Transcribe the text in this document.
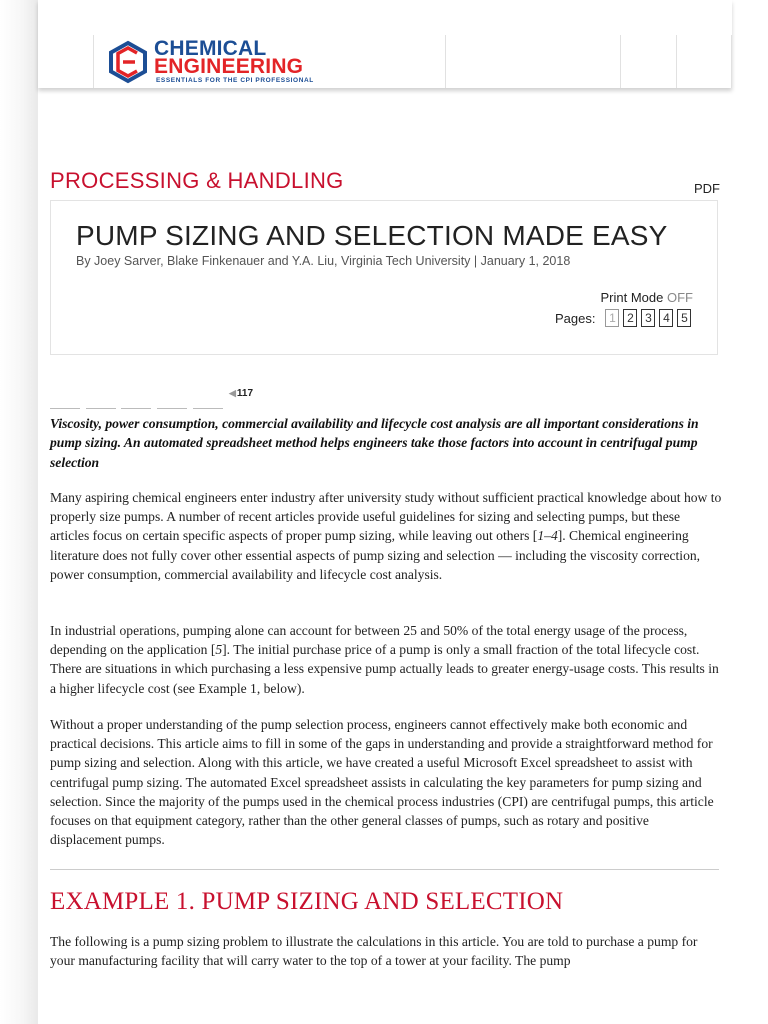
CHEMICAL
ENGINEERING
ESSENTIALS FOR THE CPI PROFESSIONAL
PROCESSING & HANDLING	PDF
PUMP SIZING AND SELECTION MADE EASY
By Joey Sarver, Blake Finkenauer and Y.A. Liu, Virginia Tech University | January 1, 2018
Print Mode OFF
Pages:	1 2 3 4 5
◀117

Viscosity, power consumption, commercial availability and lifecycle cost analysis are all important considerations in pump sizing. An automated spreadsheet method helps engineers take those factors into account in centrifugal pump selection

Many aspiring chemical engineers enter industry after university study without sufficient practical knowledge about how to properly size pumps. A number of recent articles provide useful guidelines for sizing and selecting pumps, but these articles focus on certain specific aspects of proper pump sizing, while leaving out others [1–4]. Chemical engineering literature does not fully cover other essential aspects of pump sizing and selection — including the viscosity correction, power consumption, commercial availability and lifecycle cost analysis.

In industrial operations, pumping alone can account for between 25 and 50% of the total energy usage of the process, depending on the application [5]. The initial purchase price of a pump is only a small fraction of the total lifecycle cost. There are situations in which purchasing a less expensive pump actually leads to greater energy-usage costs. This results in a higher lifecycle cost (see Example 1, below).

Without a proper understanding of the pump selection process, engineers cannot effectively make both economic and practical decisions. This article aims to fill in some of the gaps in understanding and provide a straightforward method for pump sizing and selection. Along with this article, we have created a useful Microsoft Excel spreadsheet to assist with centrifugal pump sizing. The automated Excel spreadsheet assists in calculating the key parameters for pump sizing and selection. Since the majority of the pumps used in the chemical process industries (CPI) are centrifugal pumps, this article focuses on that equipment category, rather than the other general classes of pumps, such as rotary and positive displacement pumps.

EXAMPLE 1. PUMP SIZING AND SELECTION

The following is a pump sizing problem to illustrate the calculations in this article. You are told to purchase a pump for your manufacturing facility that will carry water to the top of a tower at your facility. The pump
